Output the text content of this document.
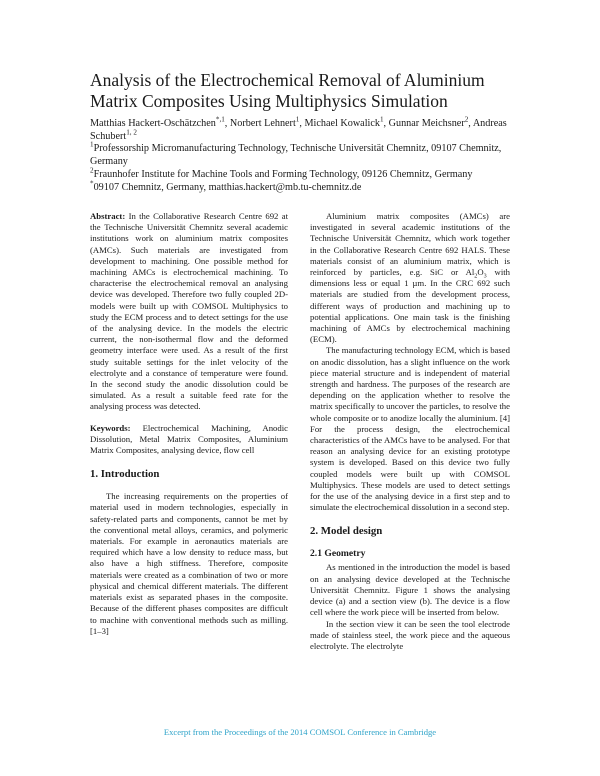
Analysis of the Electrochemical Removal of Aluminium Matrix Composites Using Multiphysics Simulation
Matthias Hackert-Oschätzchen$^{*,1}$, Norbert Lehnert$^1$, Michael Kowalick$^1$, Gunnar Meichsner$^2$, Andreas Schubert$^{1, 2}$
$^1$Professorship Micromanufacturing Technology, Technische Universität Chemnitz, 09107 Chemnitz, Germany
$^2$Fraunhofer Institute for Machine Tools and Forming Technology, 09126 Chemnitz, Germany
*09107 Chemnitz, Germany, matthias.hackert@mb.tu-chemnitz.de

Abstract: In the Collaborative Research Centre 692 at the Technische Universität Chemnitz several academic institutions work on aluminium matrix composites (AMCs). Such materials are investigated from development to machining. One possible method for machining AMCs is electrochemical machining. To characterise the electrochemical removal an analysing device was developed. Therefore two fully coupled 2D-models were built up with COMSOL Multiphysics to study the ECM process and to detect settings for the use of the analysing device. In the models the electric current, the non-isothermal flow and the deformed geometry interface were used. As a result of the first study suitable settings for the inlet velocity of the electrolyte and a constance of temperature were found. In the second study the anodic dissolution could be simulated. As a result a suitable feed rate for the analysing process was detected.

Keywords: Electrochemical Machining, Anodic Dissolution, Metal Matrix Composites, Aluminium Matrix Composites, analysing device, flow cell

1. Introduction

The increasing requirements on the properties of material used in modern technologies, especially in safety-related parts and components, cannot be met by the conventional metal alloys, ceramics, and polymeric materials. For example in aeronautics materials are required which have a low density to reduce mass, but also have a high stiffness. Therefore, composite materials were created as a combination of two or more physical and chemical different materials. The different materials exist as separated phases in the composite. Because of the different phases composites are difficult to machine with conventional methods such as milling. [1–3]

Aluminium matrix composites (AMCs) are investigated in several academic institutions of the Technische Universität Chemnitz, which work together in the Collaborative Research Centre 692 HALS. These materials consist of an aluminium matrix, which is reinforced by particles, e.g. SiC or $Al_2O_3$ with dimensions less or equal 1 µm. In the CRC 692 such materials are studied from the development process, different ways of production and machining up to potential applications. One main task is the finishing machining of AMCs by electrochemical machining (ECM).

The manufacturing technology ECM, which is based on anodic dissolution, has a slight influence on the work piece material structure and is independent of material strength and hardness. The purposes of the research are depending on the application whether to resolve the matrix specifically to uncover the particles, to resolve the whole composite or to anodize locally the aluminium. [4] For the process design, the electrochemical characteristics of the AMCs have to be analysed. For that reason an analysing device for an existing prototype system is developed. Based on this device two fully coupled models were built up with COMSOL Multiphysics. These models are used to detect settings for the use of the analysing device in a first step and to simulate the electrochemical dissolution in a second step.

2. Model design
2.1 Geometry

As mentioned in the introduction the model is based on an analysing device developed at the Technische Universität Chemnitz. Figure 1 shows the analysing device (a) and a section view (b). The device is a flow cell where the work piece will be inserted from below.

In the section view it can be seen the tool electrode made of stainless steel, the work piece and the aqueous electrolyte. The electrolyte

Excerpt from the Proceedings of the 2014 COMSOL Conference in Cambridge
